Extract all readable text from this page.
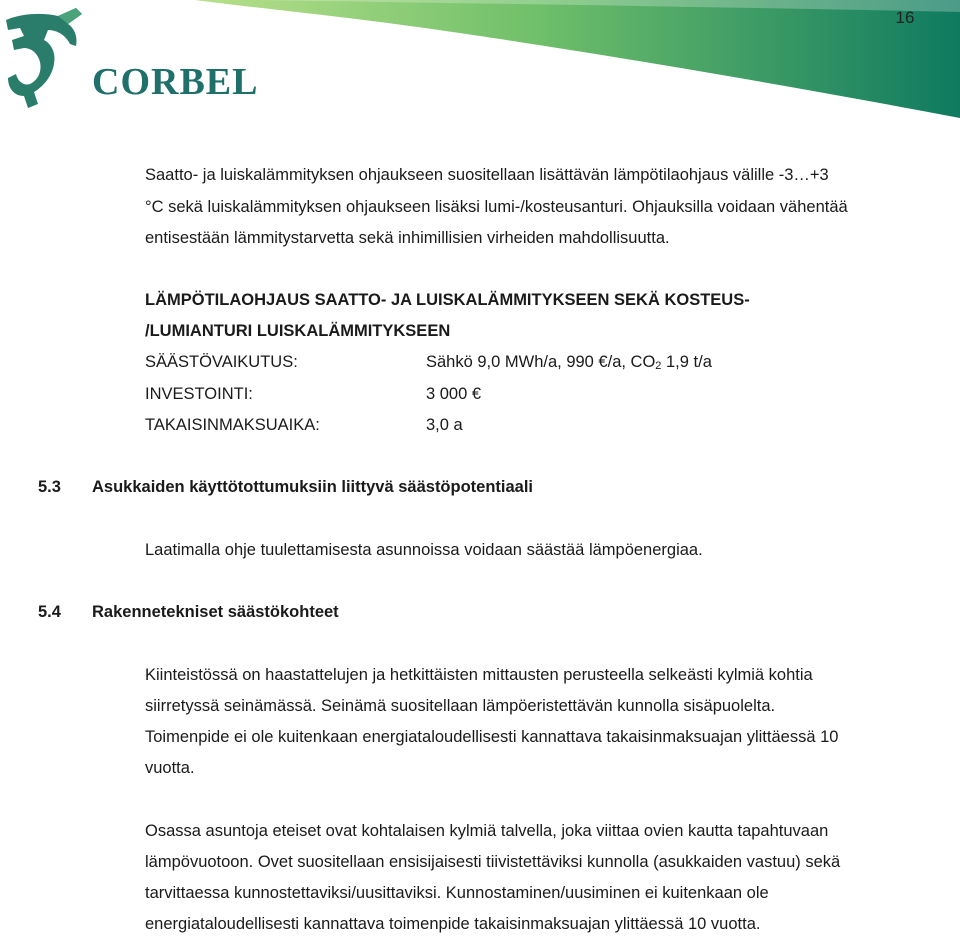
16
CORBEL
Saatto- ja luiskalämmityksen ohjaukseen suositellaan lisättävän lämpötilaohjaus välille -3…+3
°C sekä luiskalämmityksen ohjaukseen lisäksi lumi-/kosteusanturi. Ohjauksilla voidaan vähentää
entisestään lämmitystarvetta sekä inhimillisien virheiden mahdollisuutta.
LÄMPÖTILAOHJAUS SAATTO- JA LUISKALÄMMITYKSEEN SEKÄ KOSTEUS-
/LUMIANTURI LUISKALÄMMITYKSEEN
SÄÄSTÖVAIKUTUS:	Sähkö 9,0 MWh/a, 990 €/a, CO2 1,9 t/a
INVESTOINTI:	3 000 €
TAKAISINMAKSUAIKA:	3,0 a
5.3 Asukkaiden käyttötottumuksiin liittyvä säästöpotentiaali
Laatimalla ohje tuulettamisesta asunnoissa voidaan säästää lämpöenergiaa.
5.4 Rakennetekniset säästökohteet
Kiinteistössä on haastattelujen ja hetkittäisten mittausten perusteella selkeästi kylmiä kohtia
siirretyssä seinämässä. Seinämä suositellaan lämpöeristettävän kunnolla sisäpuolelta.
Toimenpide ei ole kuitenkaan energiataloudellisesti kannattava takaisinmaksuajan ylittäessä 10
vuotta.
Osassa asuntoja eteiset ovat kohtalaisen kylmiä talvella, joka viittaa ovien kautta tapahtuvaan
lämpövuotoon. Ovet suositellaan ensisijaisesti tiivistettäviksi kunnolla (asukkaiden vastuu) sekä
tarvittaessa kunnostettaviksi/uusittaviksi. Kunnostaminen/uusiminen ei kuitenkaan ole
energiataloudellisesti kannattava toimenpide takaisinmaksuajan ylittäessä 10 vuotta.
